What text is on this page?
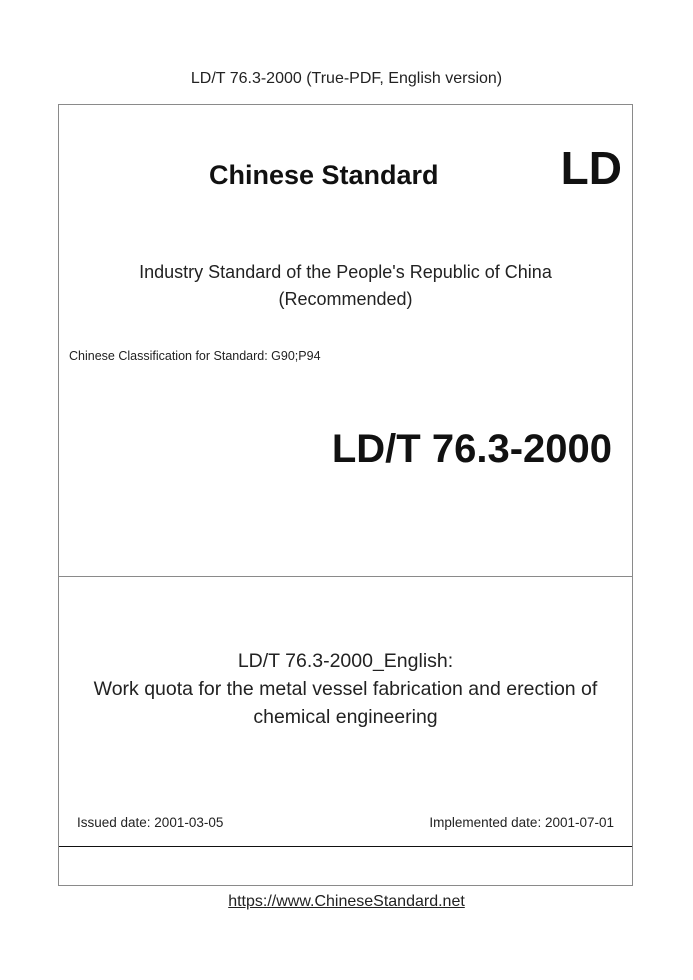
LD/T 76.3-2000 (True-PDF, English version)
Chinese Standard	LD
Industry Standard of the People's Republic of China
(Recommended)
Chinese Classification for Standard: G90;P94
LD/T 76.3-2000
LD/T 76.3-2000_English:
Work quota for the metal vessel fabrication and erection of
chemical engineering
Issued date: 2001-03-05	Implemented date: 2001-07-01
https://www.ChineseStandard.net
